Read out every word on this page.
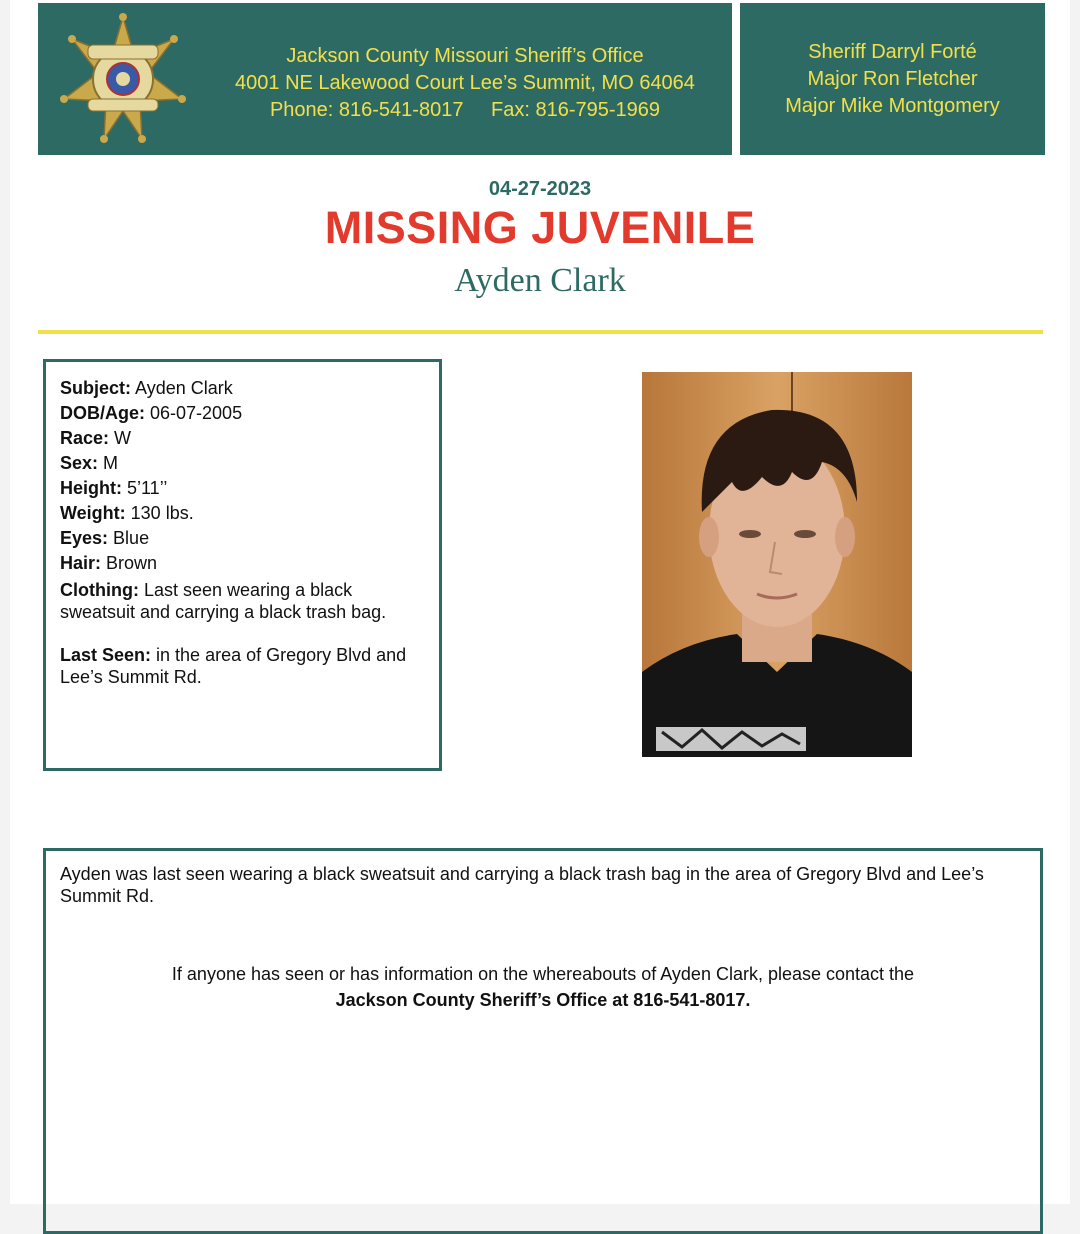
Jackson County Missouri Sheriff’s Office
4001 NE Lakewood Court Lee’s Summit, MO 64064
Phone: 816-541-8017 Fax: 816-795-1969
Sheriff Darryl Forté
Major Ron Fletcher
Major Mike Montgomery
04-27-2023
MISSING JUVENILE
Ayden Clark
Subject: Ayden Clark
DOB/Age: 06-07-2005
Race: W
Sex: M
Height: 5’11’’
Weight: 130 lbs.
Eyes: Blue
Hair: Brown
Clothing: Last seen wearing a black sweatsuit and carrying a black trash bag.
Last Seen: in the area of Gregory Blvd and Lee’s Summit Rd.
Ayden was last seen wearing a black sweatsuit and carrying a black trash bag in the area of Gregory Blvd and Lee’s Summit Rd.
If anyone has seen or has information on the whereabouts of Ayden Clark, please contact the
Jackson County Sheriff’s Office at 816-541-8017.
